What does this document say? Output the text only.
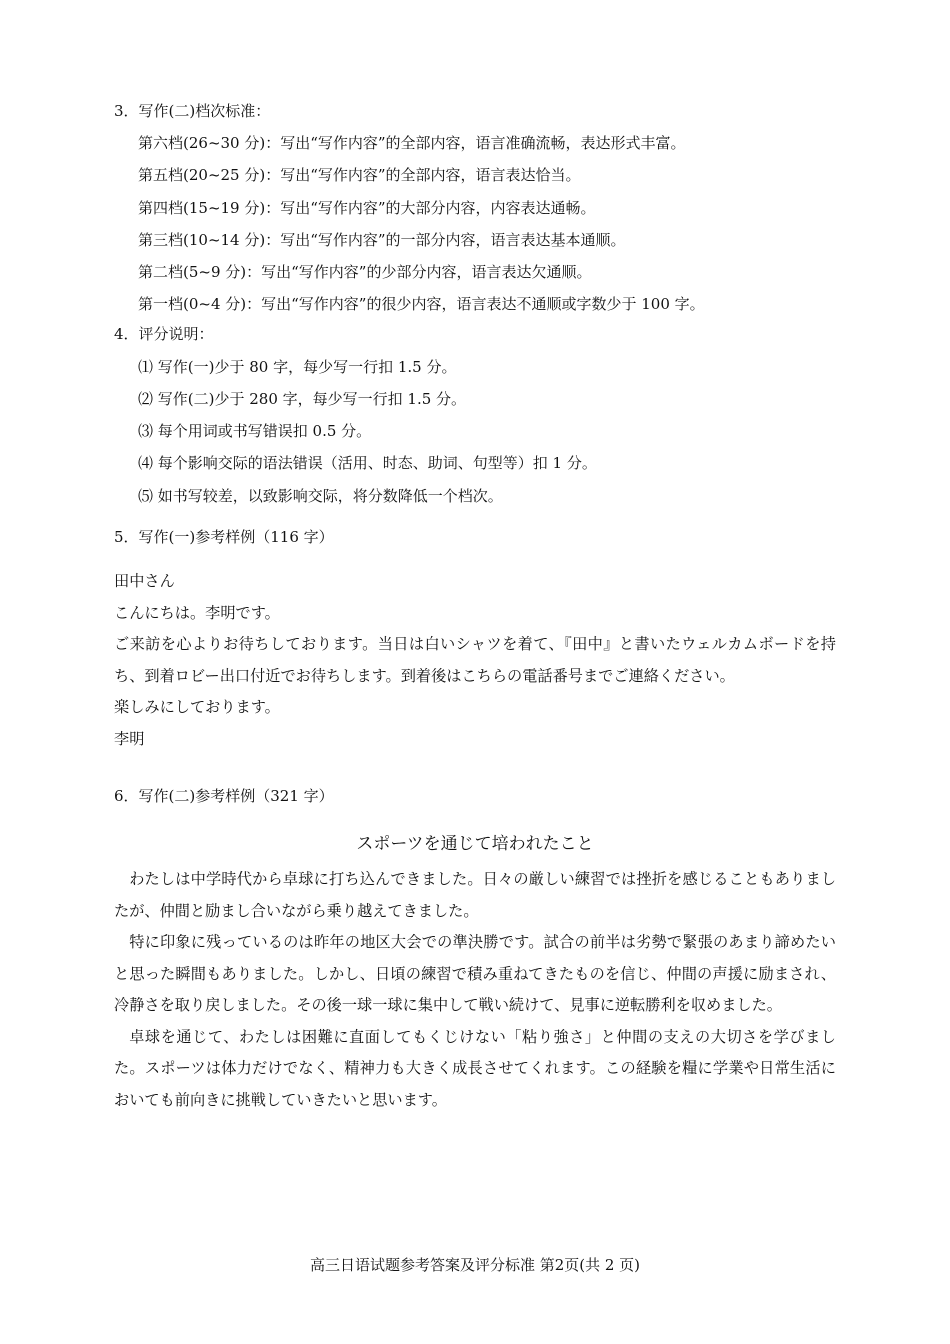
3．写作(二)档次标准：
第六档(26~30 分)：写出“写作内容”的全部内容，语言准确流畅，表达形式丰富。
第五档(20~25 分)：写出“写作内容”的全部内容，语言表达恰当。
第四档(15~19 分)：写出“写作内容”的大部分内容，内容表达通畅。
第三档(10~14 分)：写出“写作内容”的一部分内容，语言表达基本通顺。
第二档(5~9 分)：写出“写作内容”的少部分内容，语言表达欠通顺。
第一档(0~4 分)：写出“写作内容”的很少内容，语言表达不通顺或字数少于 100 字。
4．评分说明：
⑴ 写作(一)少于 80 字，每少写一行扣 1.5 分。
⑵ 写作(二)少于 280 字，每少写一行扣 1.5 分。
⑶ 每个用词或书写错误扣 0.5 分。
⑷ 每个影响交际的语法错误（活用、时态、助词、句型等）扣 1 分。
⑸ 如书写较差，以致影响交际，将分数降低一个档次。
5．写作(一)参考样例（116 字）

田中さん

こんにちは。李明です。

ご来訪を心よりお待ちしております。当日は白いシャツを着て、『田中』と書いたウェルカムボードを持ち、到着ロビー出口付近でお待ちします。到着後はこちらの電話番号までご連絡ください。

楽しみにしております。

李明

6．写作(二)参考样例（321 字）
スポーツを通じて培われたこと

わたしは中学時代から卓球に打ち込んできました。日々の厳しい練習では挫折を感じることもありましたが、仲間と励まし合いながら乗り越えてきました。

特に印象に残っているのは昨年の地区大会での準決勝です。試合の前半は劣勢で緊張のあまり諦めたいと思った瞬間もありました。しかし、日頃の練習で積み重ねてきたものを信じ、仲間の声援に励まされ、冷静さを取り戻しました。その後一球一球に集中して戦い続けて、見事に逆転勝利を収めました。

卓球を通じて、わたしは困難に直面してもくじけない「粘り強さ」と仲間の支えの大切さを学びました。スポーツは体力だけでなく、精神力も大きく成長させてくれます。この経験を糧に学業や日常生活においても前向きに挑戦していきたいと思います。

高三日语试题参考答案及评分标准 第2页(共 2 页)
